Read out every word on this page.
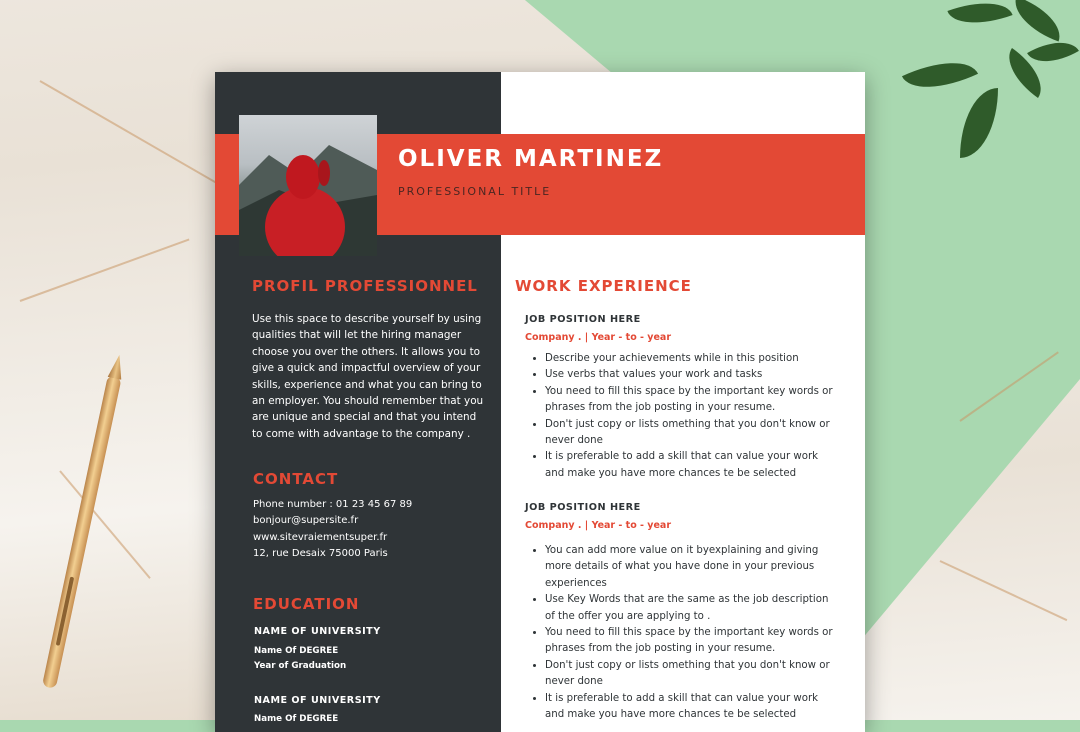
OLIVER MARTINEZ
PROFESSIONAL TITLE
PROFIL PROFESSIONNEL
Use this space to describe yourself by using
qualities that will let the hiring manager
choose you over the others. It allows you to
give a quick and impactful overview of your
skills, experience and what you can bring to
an employer. You should remember that you
are unique and special and that you intend
to come with advantage to the company .
CONTACT
Phone number : 01 23 45 67 89
bonjour@supersite.fr
www.sitevraiementsuper.fr
12, rue Desaix 75000 Paris
EDUCATION
NAME OF UNIVERSITY
Name Of DEGREE
Year of Graduation
NAME OF UNIVERSITY
Name Of DEGREE
WORK EXPERIENCE
JOB POSITION HERE
Company . | Year - to - year
• Describe your achievements while in this position
• Use verbs that values your work and tasks
• You need to fill this space by the important key words or phrases from the job posting in your resume.
• Don't just copy or lists omething that you don't know or never done
• It is preferable to add a skill that can value your work and make you have more chances te be selected
JOB POSITION HERE
Company . | Year - to - year
• You can add more value on it byexplaining and giving more details of what you have done in your previous experiences
• Use Key Words that are the same as the job description of the offer you are applying to .
• You need to fill this space by the important key words or phrases from the job posting in your resume.
• Don't just copy or lists omething that you don't know or never done
• It is preferable to add a skill that can value your work and make you have more chances te be selected
